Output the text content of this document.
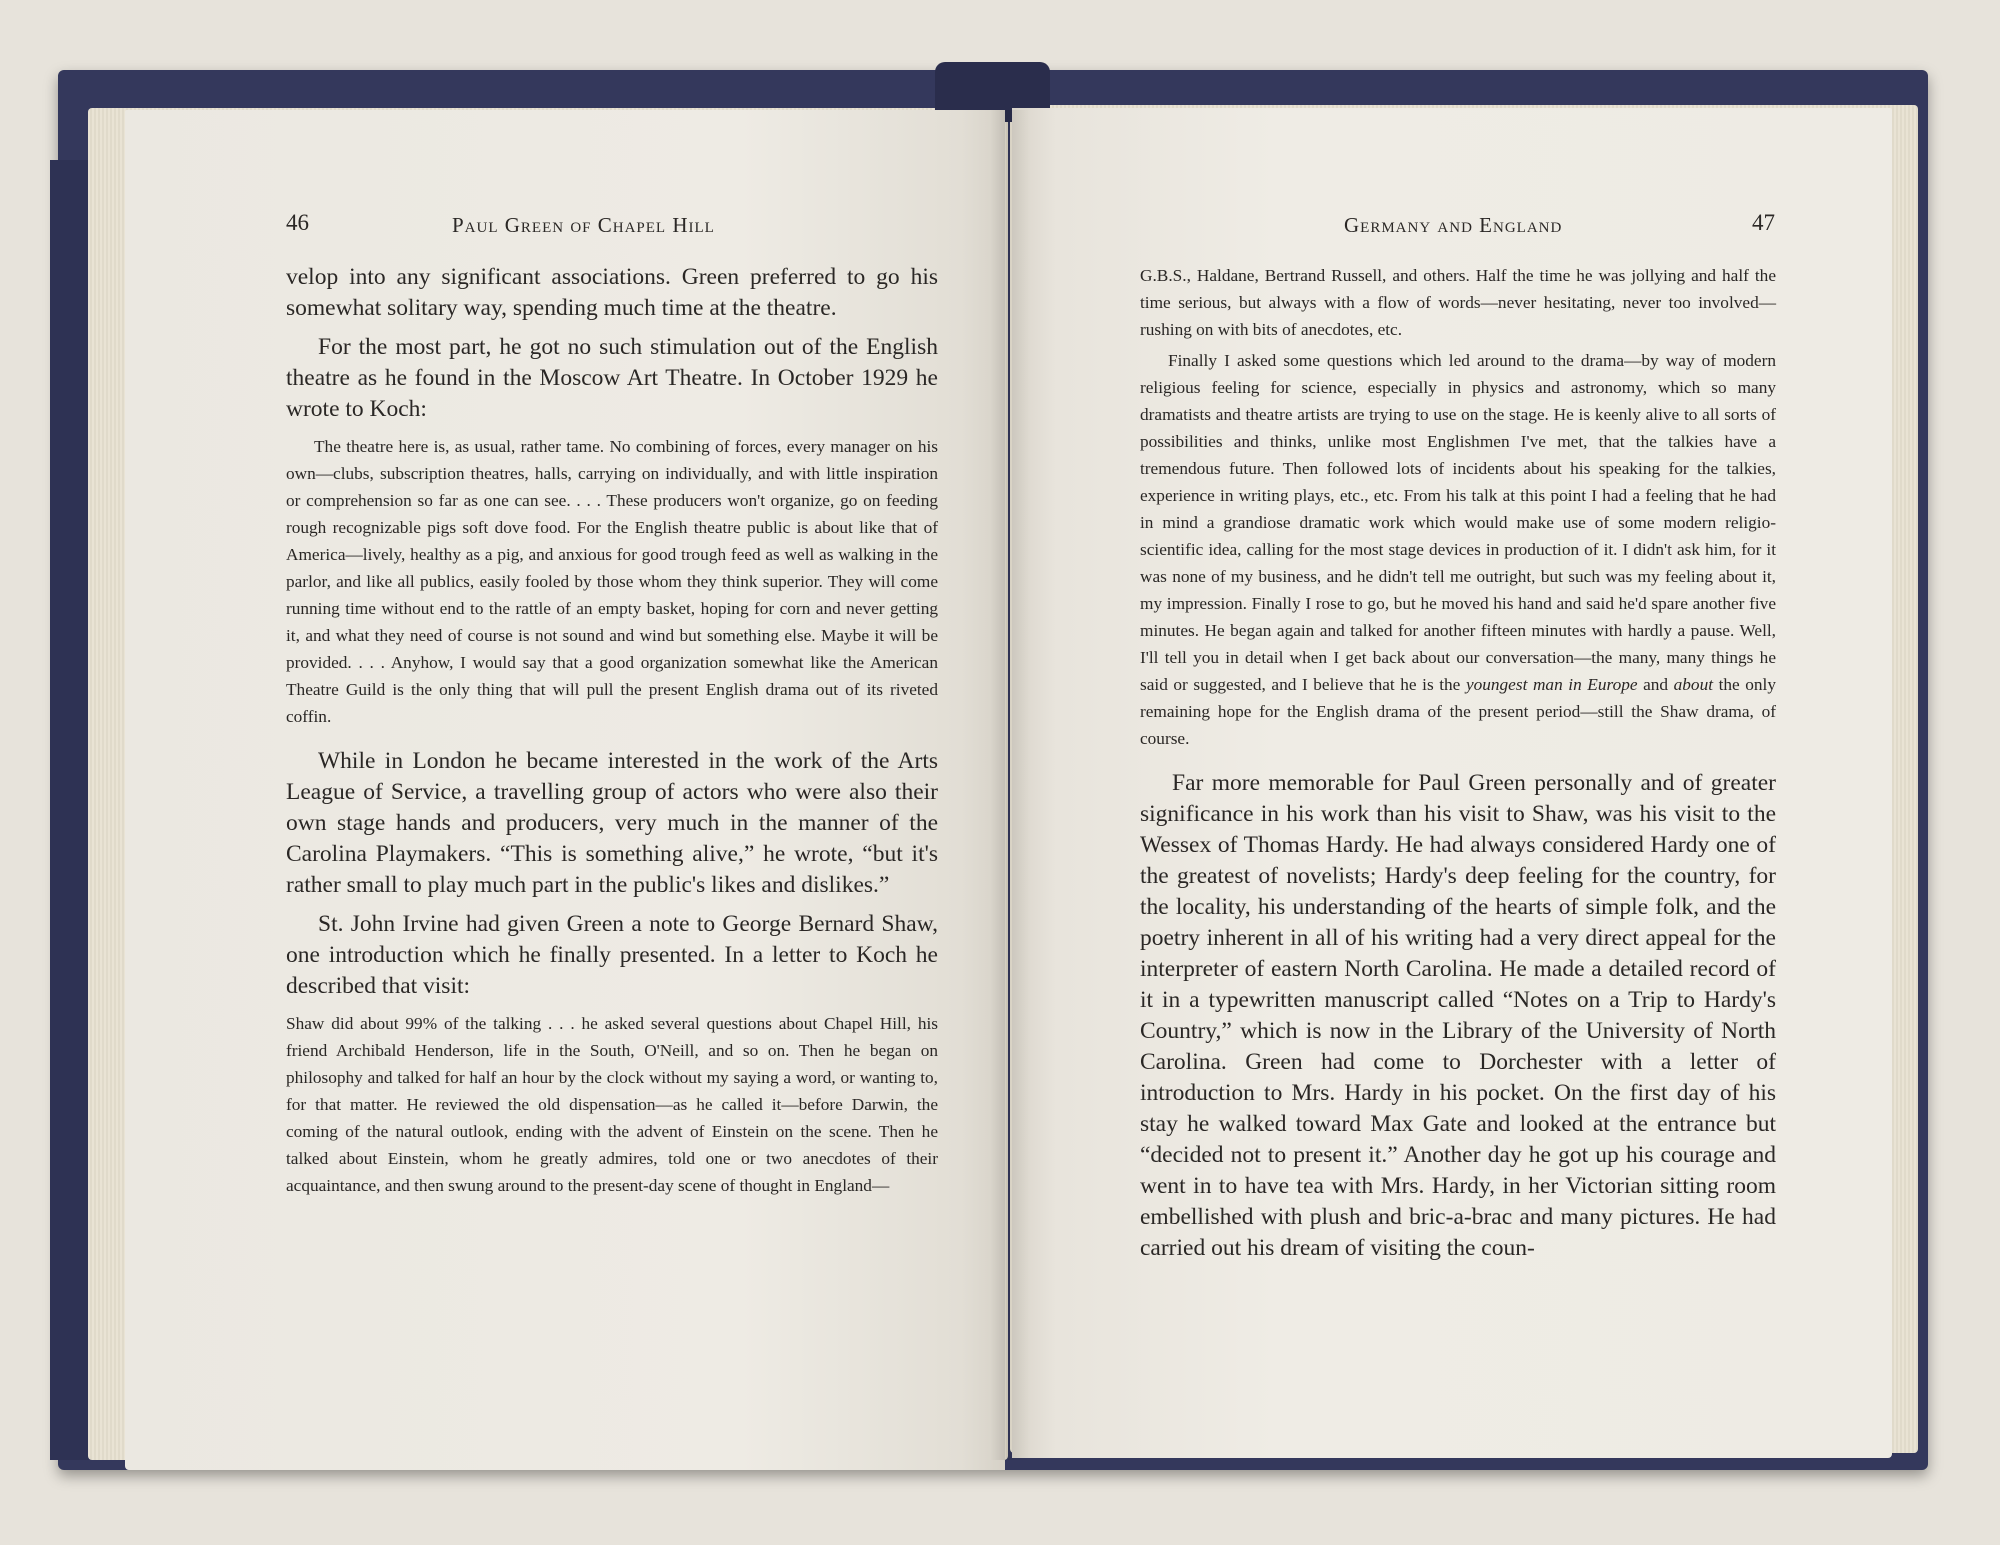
46	Paul Green of Chapel Hill

velop into any significant associations. Green preferred to go his somewhat solitary way, spending much time at the theatre.

For the most part, he got no such stimulation out of the English theatre as he found in the Moscow Art Theatre. In October 1929 he wrote to Koch:

The theatre here is, as usual, rather tame. No combining of forces, every manager on his own—clubs, subscription theatres, halls, carrying on individually, and with little inspiration or comprehension so far as one can see. . . . These producers won't organize, go on feeding rough recognizable pigs soft dove food. For the English theatre public is about like that of America—lively, healthy as a pig, and anxious for good trough feed as well as walking in the parlor, and like all publics, easily fooled by those whom they think superior. They will come running time without end to the rattle of an empty basket, hoping for corn and never getting it, and what they need of course is not sound and wind but something else. Maybe it will be provided. . . . Anyhow, I would say that a good organization somewhat like the American Theatre Guild is the only thing that will pull the present English drama out of its riveted coffin.

While in London he became interested in the work of the Arts League of Service, a travelling group of actors who were also their own stage hands and producers, very much in the manner of the Carolina Playmakers. “This is something alive,” he wrote, “but it's rather small to play much part in the public's likes and dislikes.”

St. John Irvine had given Green a note to George Bernard Shaw, one introduction which he finally presented. In a letter to Koch he described that visit:

Shaw did about 99% of the talking . . . he asked several questions about Chapel Hill, his friend Archibald Henderson, life in the South, O'Neill, and so on. Then he began on philosophy and talked for half an hour by the clock without my saying a word, or wanting to, for that matter. He reviewed the old dispensation—as he called it—before Darwin, the coming of the natural outlook, ending with the advent of Einstein on the scene. Then he talked about Einstein, whom he greatly admires, told one or two anecdotes of their acquaintance, and then swung around to the present-day scene of thought in England—

Germany and England	47

G.B.S., Haldane, Bertrand Russell, and others. Half the time he was jollying and half the time serious, but always with a flow of words—never hesitating, never too involved—rushing on with bits of anecdotes, etc.

Finally I asked some questions which led around to the drama—by way of modern religious feeling for science, especially in physics and astronomy, which so many dramatists and theatre artists are trying to use on the stage. He is keenly alive to all sorts of possibilities and thinks, unlike most Englishmen I've met, that the talkies have a tremendous future. Then followed lots of incidents about his speaking for the talkies, experience in writing plays, etc., etc. From his talk at this point I had a feeling that he had in mind a grandiose dramatic work which would make use of some modern religio-scientific idea, calling for the most stage devices in production of it. I didn't ask him, for it was none of my business, and he didn't tell me outright, but such was my feeling about it, my impression. Finally I rose to go, but he moved his hand and said he'd spare another five minutes. He began again and talked for another fifteen minutes with hardly a pause. Well, I'll tell you in detail when I get back about our conversation—the many, many things he said or suggested, and I believe that he is the youngest man in Europe and about the only remaining hope for the English drama of the present period—still the Shaw drama, of course.

Far more memorable for Paul Green personally and of greater significance in his work than his visit to Shaw, was his visit to the Wessex of Thomas Hardy. He had always considered Hardy one of the greatest of novelists; Hardy's deep feeling for the country, for the locality, his understanding of the hearts of simple folk, and the poetry inherent in all of his writing had a very direct appeal for the interpreter of eastern North Carolina. He made a detailed record of it in a typewritten manuscript called “Notes on a Trip to Hardy's Country,” which is now in the Library of the University of North Carolina. Green had come to Dorchester with a letter of introduction to Mrs. Hardy in his pocket. On the first day of his stay he walked toward Max Gate and looked at the entrance but “decided not to present it.” Another day he got up his courage and went in to have tea with Mrs. Hardy, in her Victorian sitting room embellished with plush and bric-a-brac and many pictures. He had carried out his dream of visiting the coun-
